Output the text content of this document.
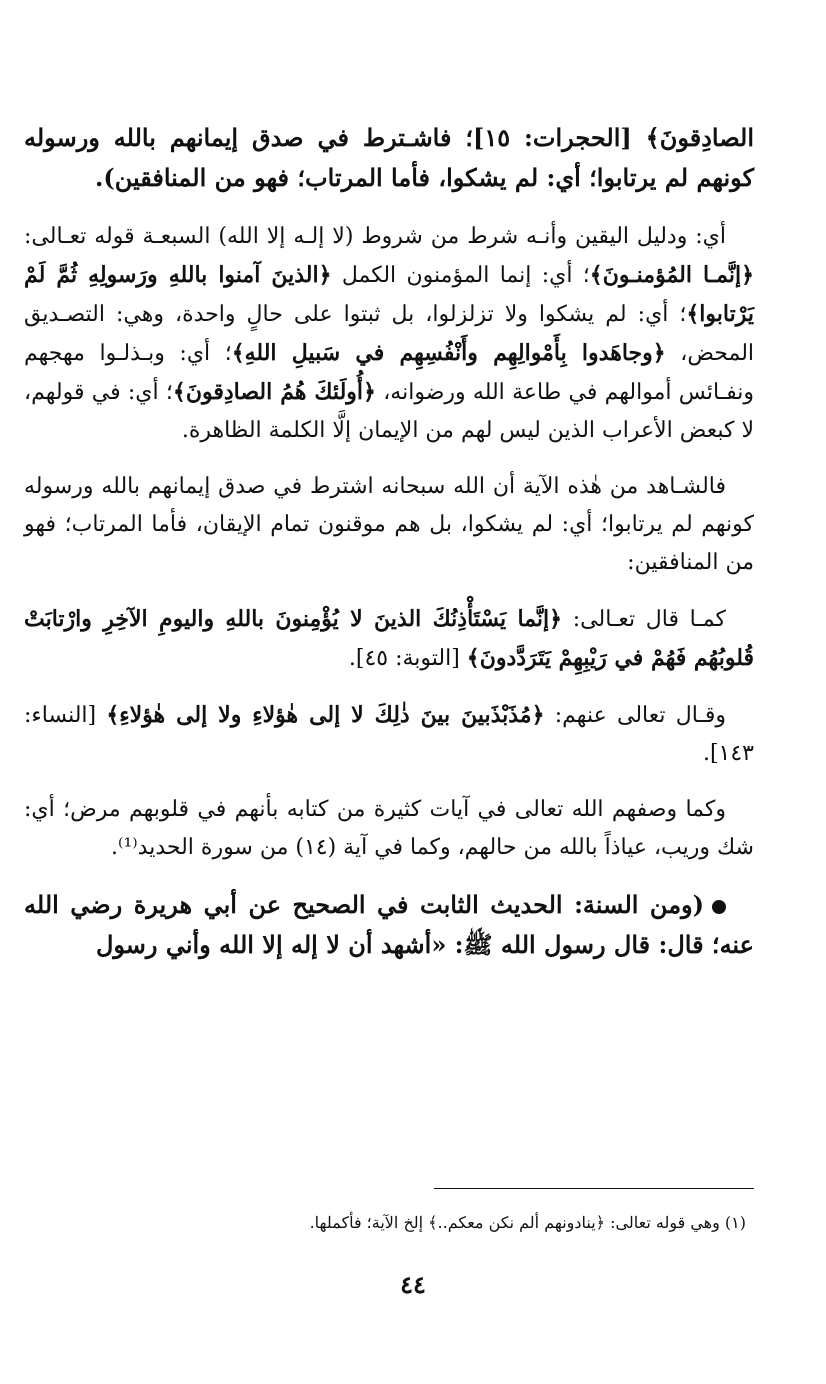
الصادِقونَ﴾ [الحجرات: ١٥]؛ فاشـترط في صدق إيمانهم بالله ورسوله كونهم لم يرتابوا؛ أي: لم يشكوا، فأما المرتاب؛ فهو من المنافقين).
أي: ودليل اليقين وأنـه شرط من شروط (لا إلـه إلا الله) السبعـة قوله تعـالى: ﴿إنَّمـا المُؤمنـونَ﴾؛ أي: إنما المؤمنون الكمل ﴿الذينَ آمنوا باللهِ ورَسولِهِ ثُمَّ لَمْ يَرْتابوا﴾؛ أي: لم يشكوا ولا تزلزلوا، بل ثبتوا على حالٍ واحدة، وهي: التصـديق المحض، ﴿وجاهَدوا بِأَمْوالِهِم وأَنْفُسِهِم في سَبيلِ اللهِ﴾؛ أي: وبـذلـوا مهجهم ونفـائس أموالهم في طاعة الله ورضوانه، ﴿أُولَئكَ هُمُ الصادِقونَ﴾؛ أي: في قولهم، لا كبعض الأعراب الذين ليس لهم من الإيمان إلَّا الكلمة الظاهرة.
فالشـاهد من هٰذه الآية أن الله سبحانه اشترط في صدق إيمانهم بالله ورسوله كونهم لم يرتابوا؛ أي: لم يشكوا، بل هم موقنون تمام الإيقان، فأما المرتاب؛ فهو من المنافقين:
كمـا قال تعـالى: ﴿إنَّما يَسْتَأْذِنُكَ الذينَ لا يُؤْمِنونَ باللهِ واليومِ الآخِرِ وارْتابَتْ قُلوبُهُم فَهُمْ في رَيْبِهِمْ يَتَرَدَّدونَ﴾ [التوبة: ٤٥].
وقـال تعالى عنهم: ﴿مُذَبْذَبينَ بينَ ذٰلِكَ لا إلى هٰؤلاءِ ولا إلى هٰؤلاءِ﴾ [النساء: ١٤٣].
وكما وصفهم الله تعالى في آيات كثيرة من كتابه بأنهم في قلوبهم مرض؛ أي: شك وريب، عياذاً بالله من حالهم، وكما في آية (١٤) من سورة الحديد⁽¹⁾.
(ومن السنة: الحديث الثابت في الصحيح عن أبي هريرة رضي الله عنه؛ قال: قال رسول الله ﷺ: «أشهد أن لا إله إلا الله وأني رسول
(١) وهي قوله تعالى: ﴿ينادونهم ألم نكن معكم..﴾ إلخ الآية؛ فأكملها.
٤٤
